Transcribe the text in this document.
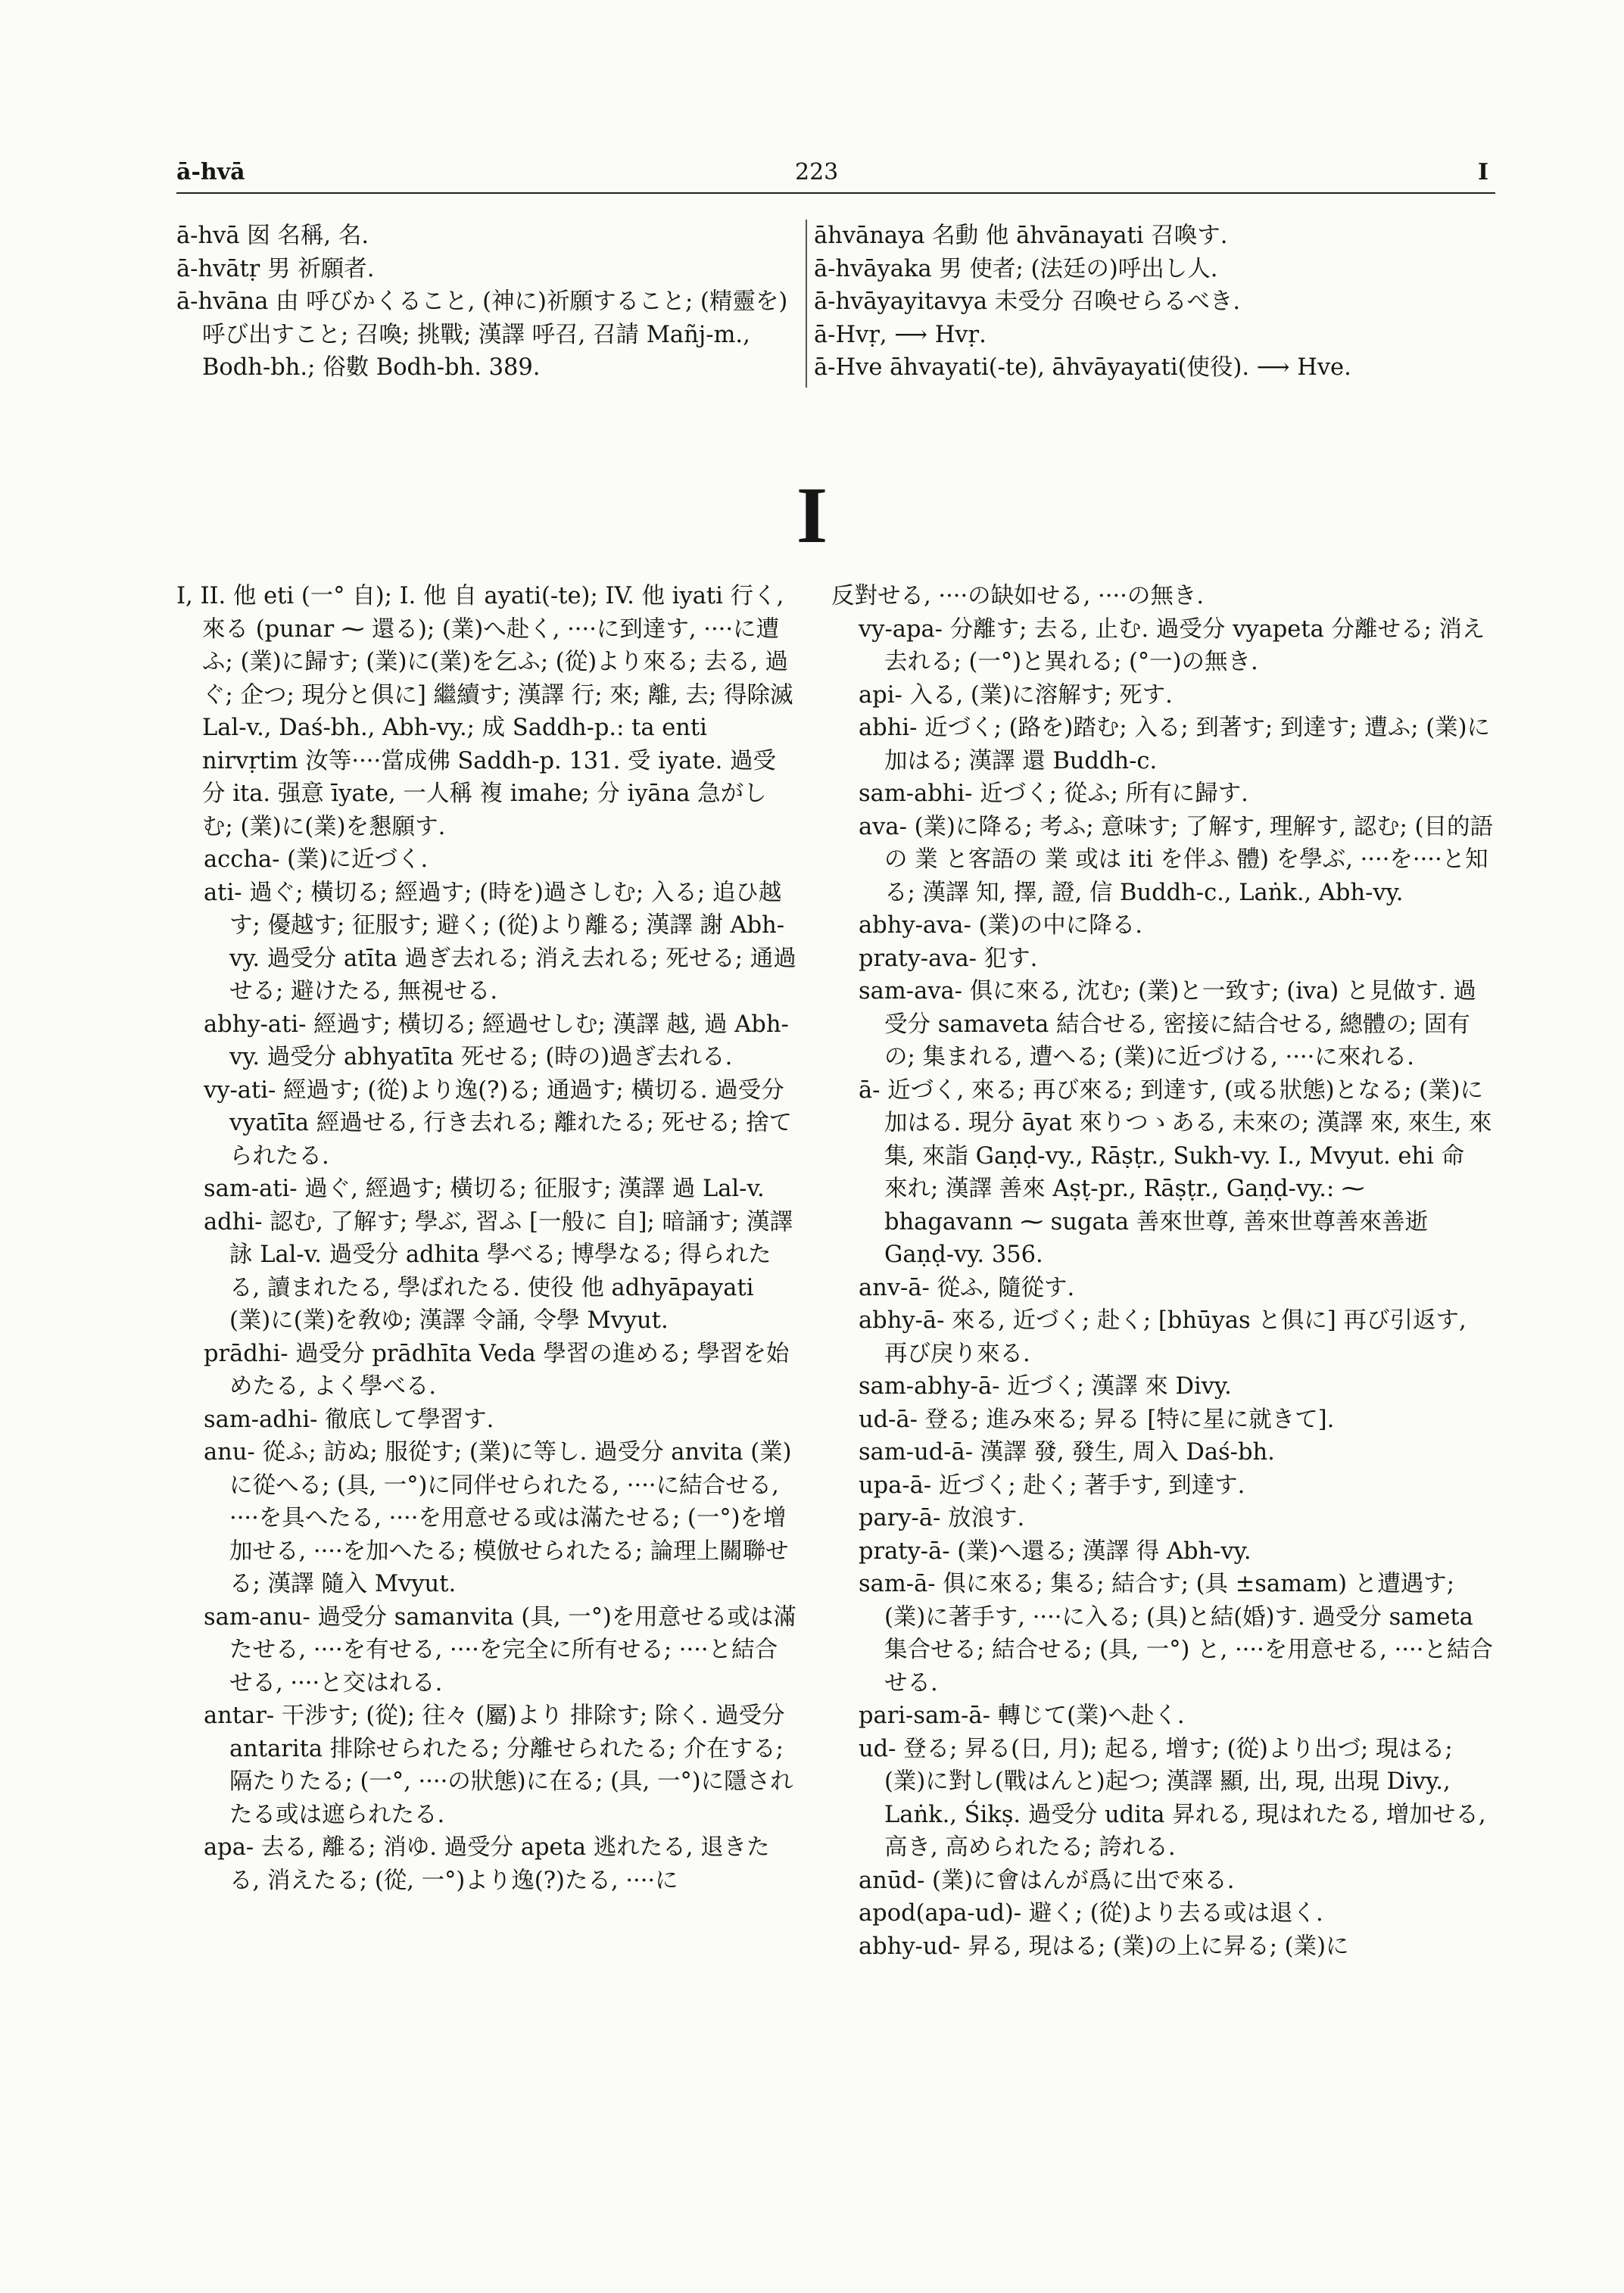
ā-hvā	223	I

ā-hvā 囡 名稱, 名.

ā-hvātṛ 男 祈願者.

ā-hvāna 由 呼びかくること, (神に)祈願すること; (精靈を)呼び出すこと; 召喚; 挑戰; 漢譯 呼召, 召請 Mañj-m., Bodh-bh.; 俗數 Bodh-bh. 389.

āhvānaya 名動 他 āhvānayati 召喚す.

ā-hvāyaka 男 使者; (法廷の)呼出し人.

ā-hvāyayitavya 未受分 召喚せらるべき.

ā-Hvṛ, ⟶ Hvṛ.

ā-Hve āhvayati(-te), āhvāyayati(使役). ⟶ Hve.

I

I, II. 他 eti (一° 自); I. 他 自 ayati(-te); IV. 他 iyati 行く, 來る (punar ⁓ 還る); (業)へ赴く, ····に到達す, ····に遭ふ; (業)に歸す; (業)に(業)を乞ふ; (從)より來る; 去る, 過ぐ; 企つ; 現分と俱に] 繼續す; 漢譯 行; 來; 離, 去; 得除滅 Lal-v., Daś-bh., Abh-vy.; 成 Saddh-p.: ta enti nirvṛtim 汝等····當成佛 Saddh-p. 131. 受 iyate. 過受分 ita. 强意 īyate, 一人稱 複 imahe; 分 iyāna 急がしむ; (業)に(業)を懇願す.

accha- (業)に近づく.

ati- 過ぐ; 橫切る; 經過す; (時を)過さしむ; 入る; 追ひ越す; 優越す; 征服す; 避く; (從)より離る; 漢譯 謝 Abh-vy. 過受分 atīta 過ぎ去れる; 消え去れる; 死せる; 通過せる; 避けたる, 無視せる.

abhy-ati- 經過す; 橫切る; 經過せしむ; 漢譯 越, 過 Abh-vy. 過受分 abhyatīta 死せる; (時の)過ぎ去れる.

vy-ati- 經過す; (從)より逸(?)る; 通過す; 橫切る. 過受分 vyatīta 經過せる, 行き去れる; 離れたる; 死せる; 捨てられたる.

sam-ati- 過ぐ, 經過す; 橫切る; 征服す; 漢譯 過 Lal-v.

adhi- 認む, 了解す; 學ぶ, 習ふ [一般に 自]; 暗誦す; 漢譯 詠 Lal-v. 過受分 adhita 學べる; 博學なる; 得られたる, 讀まれたる, 學ばれたる. 使役 他 adhyāpayati (業)に(業)を敎ゆ; 漢譯 令誦, 令學 Mvyut.

prādhi- 過受分 prādhīta Veda 學習の進める; 學習を始めたる, よく學べる.

sam-adhi- 徹底して學習す.

anu- 從ふ; 訪ぬ; 服從す; (業)に等し. 過受分 anvita (業)に從へる; (具, 一°)に同伴せられたる, ····に結合せる, ····を具へたる, ····を用意せる或は滿たせる; (一°)を增加せる, ····を加へたる; 模倣せられたる; 論理上關聯せる; 漢譯 隨入 Mvyut.

sam-anu- 過受分 samanvita (具, 一°)を用意せる或は滿たせる, ····を有せる, ····を完全に所有せる; ····と結合せる, ····と交はれる.

antar- 干涉す; (從); 往々 (屬)より 排除す; 除く. 過受分 antarita 排除せられたる; 分離せられたる; 介在する; 隔たりたる; (一°, ····の狀態)に在る; (具, 一°)に隱されたる或は遮られたる.

apa- 去る, 離る; 消ゆ. 過受分 apeta 逃れたる, 退きたる, 消えたる; (從, 一°)より逸(?)たる, ····に

反對せる, ····の缺如せる, ····の無き.

vy-apa- 分離す; 去る, 止む. 過受分 vyapeta 分離せる; 消え去れる; (一°)と異れる; (°一)の無き.

api- 入る, (業)に溶解す; 死す.

abhi- 近づく; (路を)踏む; 入る; 到著す; 到達す; 遭ふ; (業)に加はる; 漢譯 還 Buddh-c.

sam-abhi- 近づく; 從ふ; 所有に歸す.

ava- (業)に降る; 考ふ; 意味す; 了解す, 理解す, 認む; (目的語の 業 と客語の 業 或は iti を伴ふ 體) を學ぶ, ····を····と知る; 漢譯 知, 擇, 證, 信 Buddh-c., Laṅk., Abh-vy.

abhy-ava- (業)の中に降る.

praty-ava- 犯す.

sam-ava- 俱に來る, 沈む; (業)と一致す; (iva) と見做す. 過受分 samaveta 結合せる, 密接に結合せる, 總體の; 固有の; 集まれる, 遭へる; (業)に近づける, ····に來れる.

ā- 近づく, 來る; 再び來る; 到達す, (或る狀態)となる; (業)に加はる. 現分 āyat 來りつゝある, 未來の; 漢譯 來, 來生, 來集, 來詣 Gaṇḍ-vy., Rāṣṭr., Sukh-vy. I., Mvyut. ehi 命 來れ; 漢譯 善來 Aṣṭ-pr., Rāṣṭr., Gaṇḍ-vy.: ⁓ bhagavann ⁓ sugata 善來世尊, 善來世尊善來善逝 Gaṇḍ-vy. 356.

anv-ā- 從ふ, 隨從す.

abhy-ā- 來る, 近づく; 赴く; [bhūyas と俱に] 再び引返す, 再び戾り來る.

sam-abhy-ā- 近づく; 漢譯 來 Divy.

ud-ā- 登る; 進み來る; 昇る [特に星に就きて].

sam-ud-ā- 漢譯 發, 發生, 周入 Daś-bh.

upa-ā- 近づく; 赴く; 著手す, 到達す.

pary-ā- 放浪す.

praty-ā- (業)へ還る; 漢譯 得 Abh-vy.

sam-ā- 俱に來る; 集る; 結合す; (具 ±samam) と遭遇す; (業)に著手す, ····に入る; (具)と結(婚)す. 過受分 sameta 集合せる; 結合せる; (具, 一°) と, ····を用意せる, ····と結合せる.

pari-sam-ā- 轉じて(業)へ赴く.

ud- 登る; 昇る(日, 月); 起る, 增す; (從)より出づ; 現はる; (業)に對し(戰はんと)起つ; 漢譯 顯, 出, 現, 出現 Divy., Laṅk., Śikṣ. 過受分 udita 昇れる, 現はれたる, 增加せる, 高き, 高められたる; 誇れる.

anūd- (業)に會はんが爲に出で來る.

apod(apa-ud)- 避く; (從)より去る或は退く.

abhy-ud- 昇る, 現はる; (業)の上に昇る; (業)に
